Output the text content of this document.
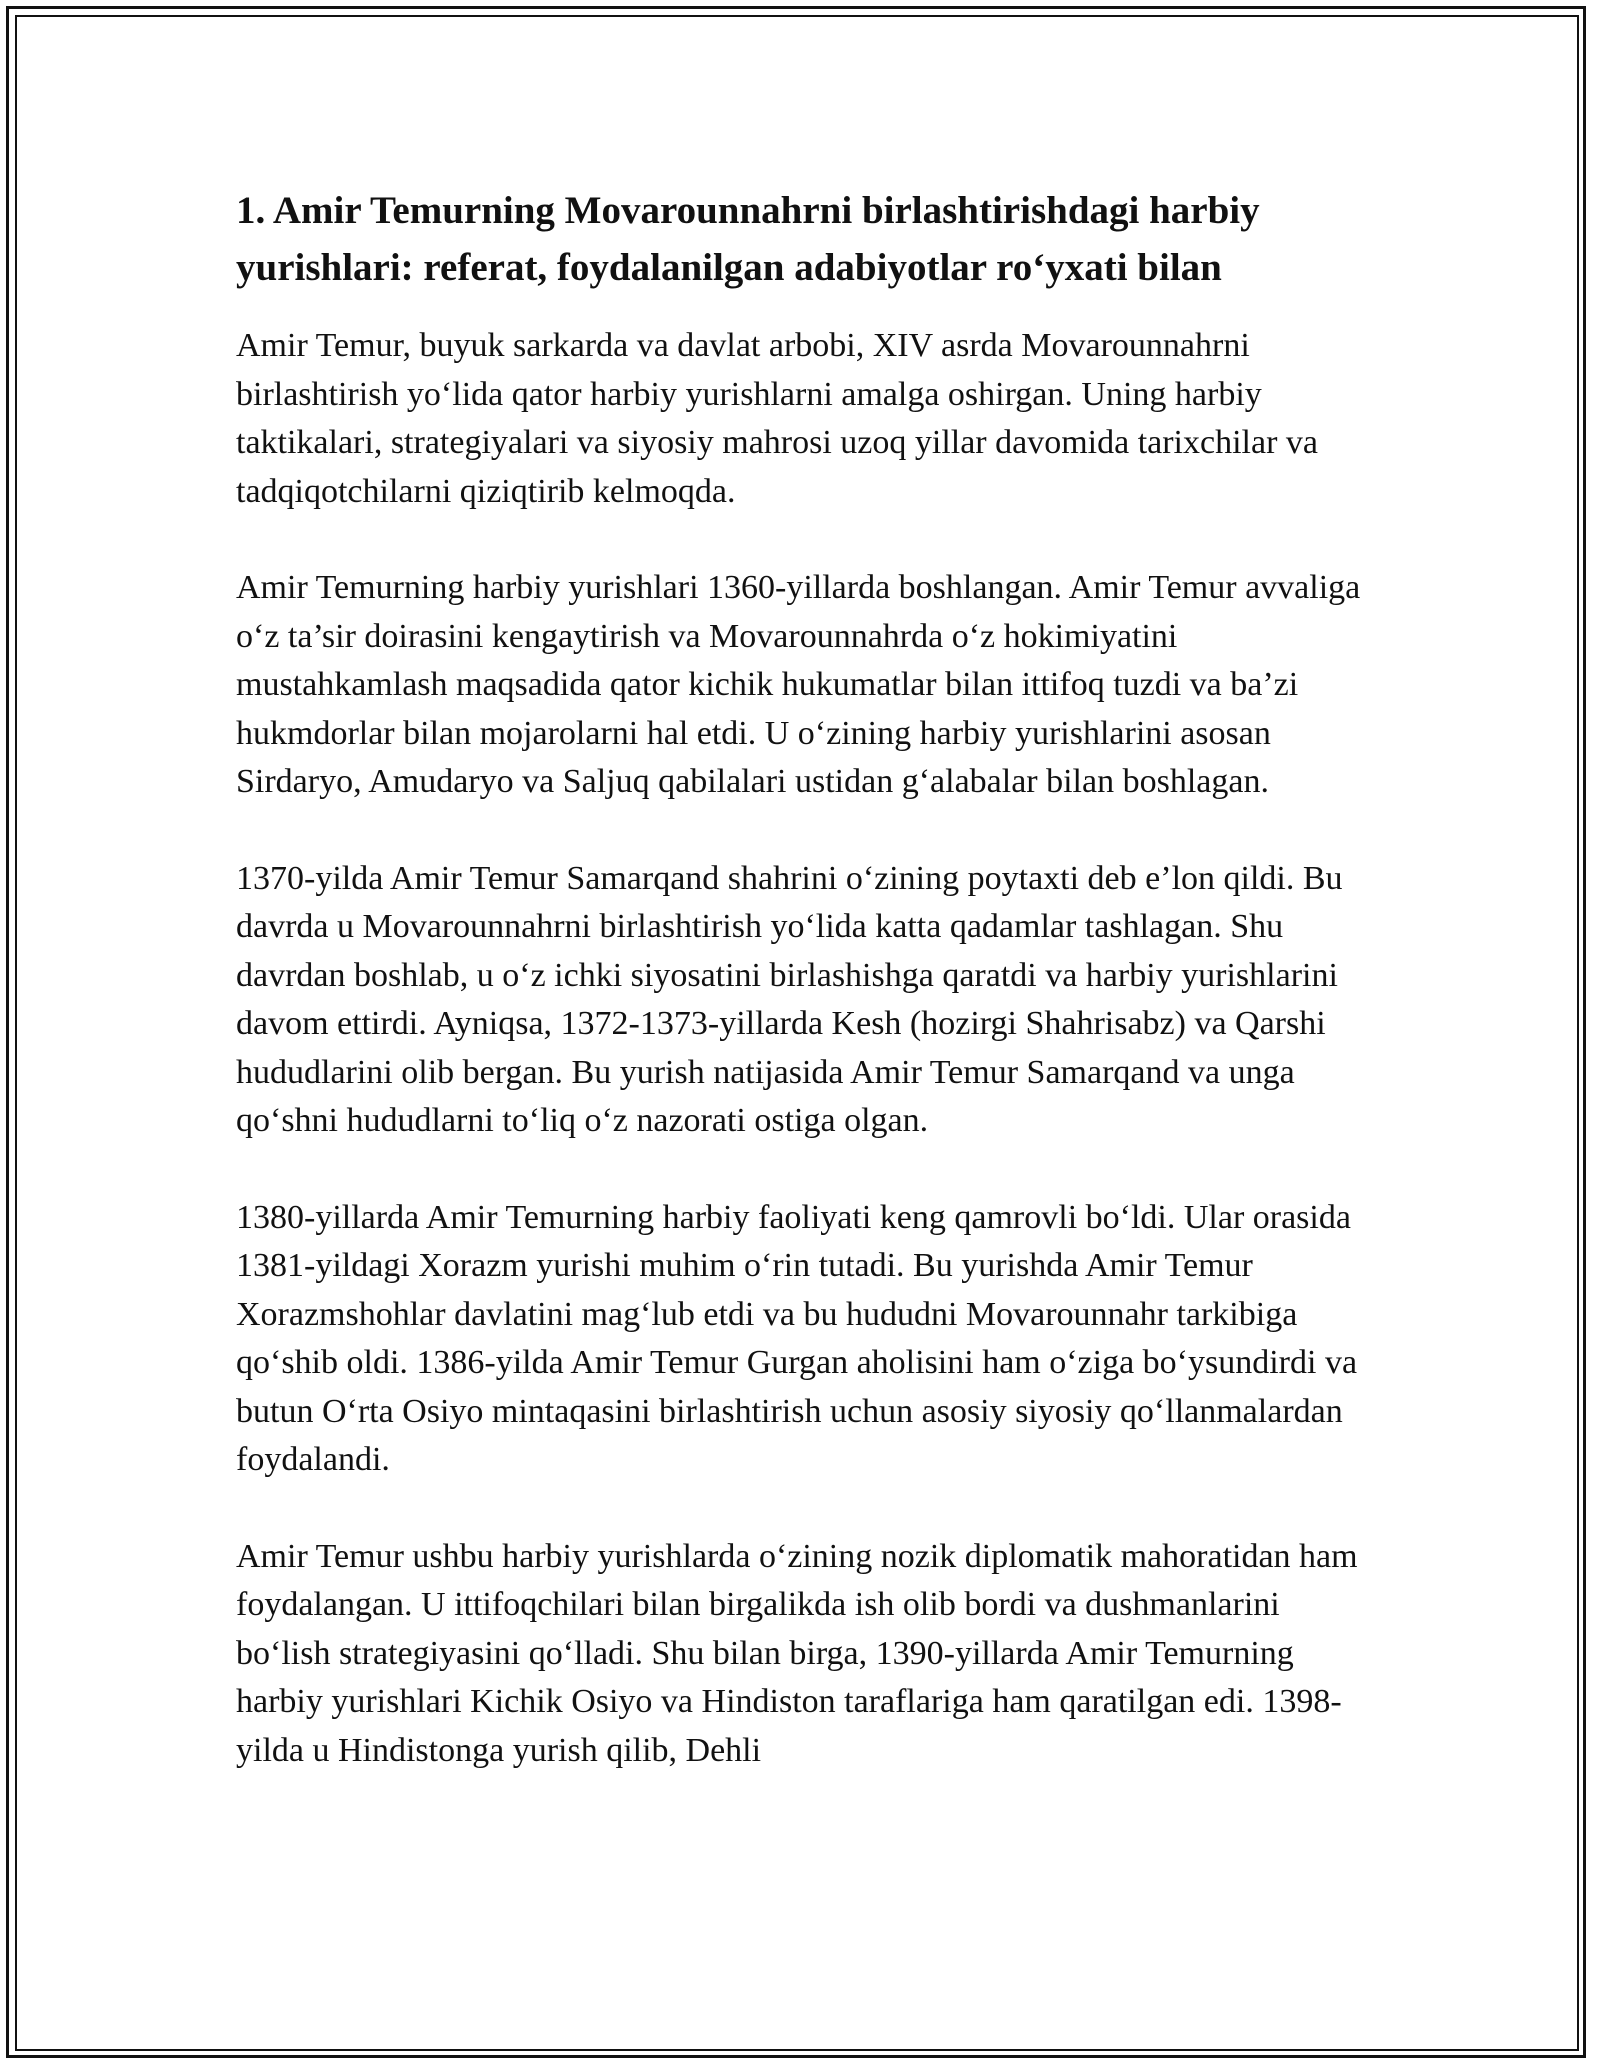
1. Amir Temurning Movarounnahrni birlashtirishdagi harbiy yurishlari: referat, foydalanilgan adabiyotlar ro‘yxati bilan

Amir Temur, buyuk sarkarda va davlat arbobi, XIV asrda Movarounnahrni birlashtirish yo‘lida qator harbiy yurishlarni amalga oshirgan. Uning harbiy taktikalari, strategiyalari va siyosiy mahrosi uzoq yillar davomida tarixchilar va tadqiqotchilarni qiziqtirib kelmoqda.

Amir Temurning harbiy yurishlari 1360-yillarda boshlangan. Amir Temur avvaliga o‘z ta’sir doirasini kengaytirish va Movarounnahrda o‘z hokimiyatini mustahkamlash maqsadida qator kichik hukumatlar bilan ittifoq tuzdi va ba’zi hukmdorlar bilan mojarolarni hal etdi. U o‘zining harbiy yurishlarini asosan Sirdaryo, Amudaryo va Saljuq qabilalari ustidan g‘alabalar bilan boshlagan.

1370-yilda Amir Temur Samarqand shahrini o‘zining poytaxti deb e’lon qildi. Bu davrda u Movarounnahrni birlashtirish yo‘lida katta qadamlar tashlagan. Shu davrdan boshlab, u o‘z ichki siyosatini birlashishga qaratdi va harbiy yurishlarini davom ettirdi. Ayniqsa, 1372-1373-yillarda Kesh (hozirgi Shahrisabz) va Qarshi hududlarini olib bergan. Bu yurish natijasida Amir Temur Samarqand va unga qo‘shni hududlarni to‘liq o‘z nazorati ostiga olgan.

1380-yillarda Amir Temurning harbiy faoliyati keng qamrovli bo‘ldi. Ular orasida 1381-yildagi Xorazm yurishi muhim o‘rin tutadi. Bu yurishda Amir Temur Xorazmshohlar davlatini mag‘lub etdi va bu hududni Movarounnahr tarkibiga qo‘shib oldi. 1386-yilda Amir Temur Gurgan aholisini ham o‘ziga bo‘ysundirdi va butun O‘rta Osiyo mintaqasini birlashtirish uchun asosiy siyosiy qo‘llanmalardan foydalandi.

Amir Temur ushbu harbiy yurishlarda o‘zining nozik diplomatik mahoratidan ham foydalangan. U ittifoqchilari bilan birgalikda ish olib bordi va dushmanlarini bo‘lish strategiyasini qo‘lladi. Shu bilan birga, 1390-yillarda Amir Temurning harbiy yurishlari Kichik Osiyo va Hindiston taraflariga ham qaratilgan edi. 1398-yilda u Hindistonga yurish qilib, Dehli
